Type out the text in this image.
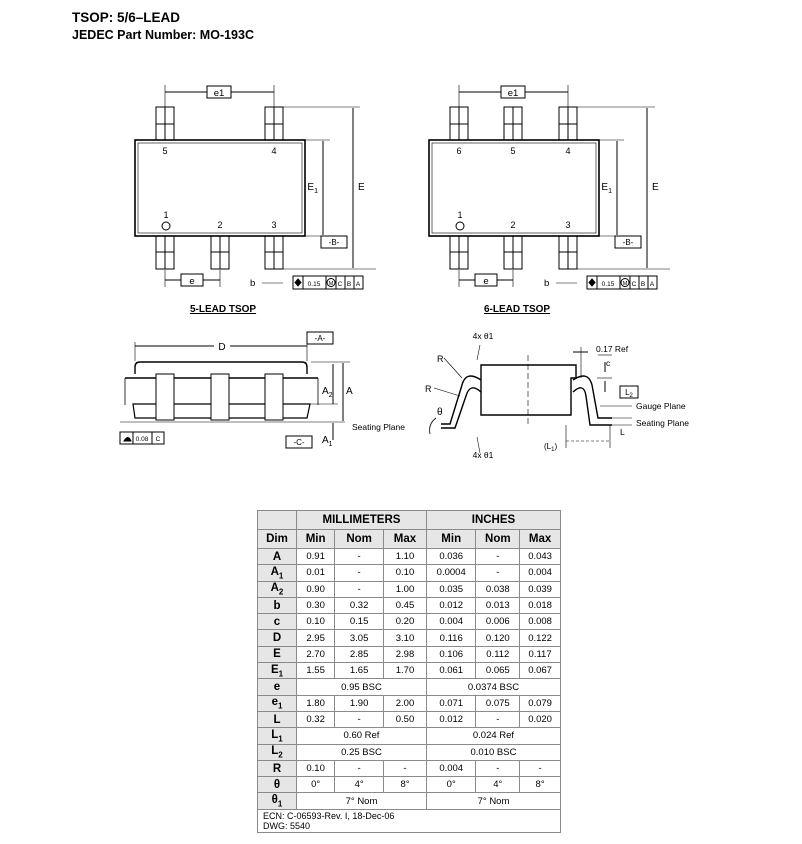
TSOP: 5/6–LEAD
JEDEC Part Number: MO-193C
e1	e1
e	e
b	b
E	E
$E_1$	$E_1$
-B-	-B-
5	4
1
2	3
6	5	4
1
2	3
0.15 M C B A	0.15 M C B A
5-LEAD TSOP	6-LEAD TSOP
D
-A-
-C-
A
$A_2$
$A_1$
Seating Plane
0.08 C
4x θ1
4x θ1
R
R
θ
0.17 Ref
c
$L_2$
Gauge Plane
Seating Plane
L
$(L_1)$
	MILLIMETERS			INCHES		
Dim	Min	Nom	Max	Min	Nom	Max
A	0.91	-	1.10	0.036	-	0.043
$A_1$	0.01	-	0.10	0.0004	-	0.004
$A_2$	0.90	-	1.00	0.035	0.038	0.039
b	0.30	0.32	0.45	0.012	0.013	0.018
c	0.10	0.15	0.20	0.004	0.006	0.008
D	2.95	3.05	3.10	0.116	0.120	0.122
E	2.70	2.85	2.98	0.106	0.112	0.117
$E_1$	1.55	1.65	1.70	0.061	0.065	0.067
e	0.95 BSC			0.0374 BSC		
$e_1$	1.80	1.90	2.00	0.071	0.075	0.079
L	0.32	-	0.50	0.012	-	0.020
$L_1$	0.60 Ref			0.024 Ref		
$L_2$	0.25 BSC			0.010 BSC		
R	0.10	-	-	0.004	-	-
θ	0°	4°	8°	0°	4°	8°
$\theta_1$	7° Nom			7° Nom		

ECN: C-06593-Rev. I, 18-Dec-06
DWG: 5540						
